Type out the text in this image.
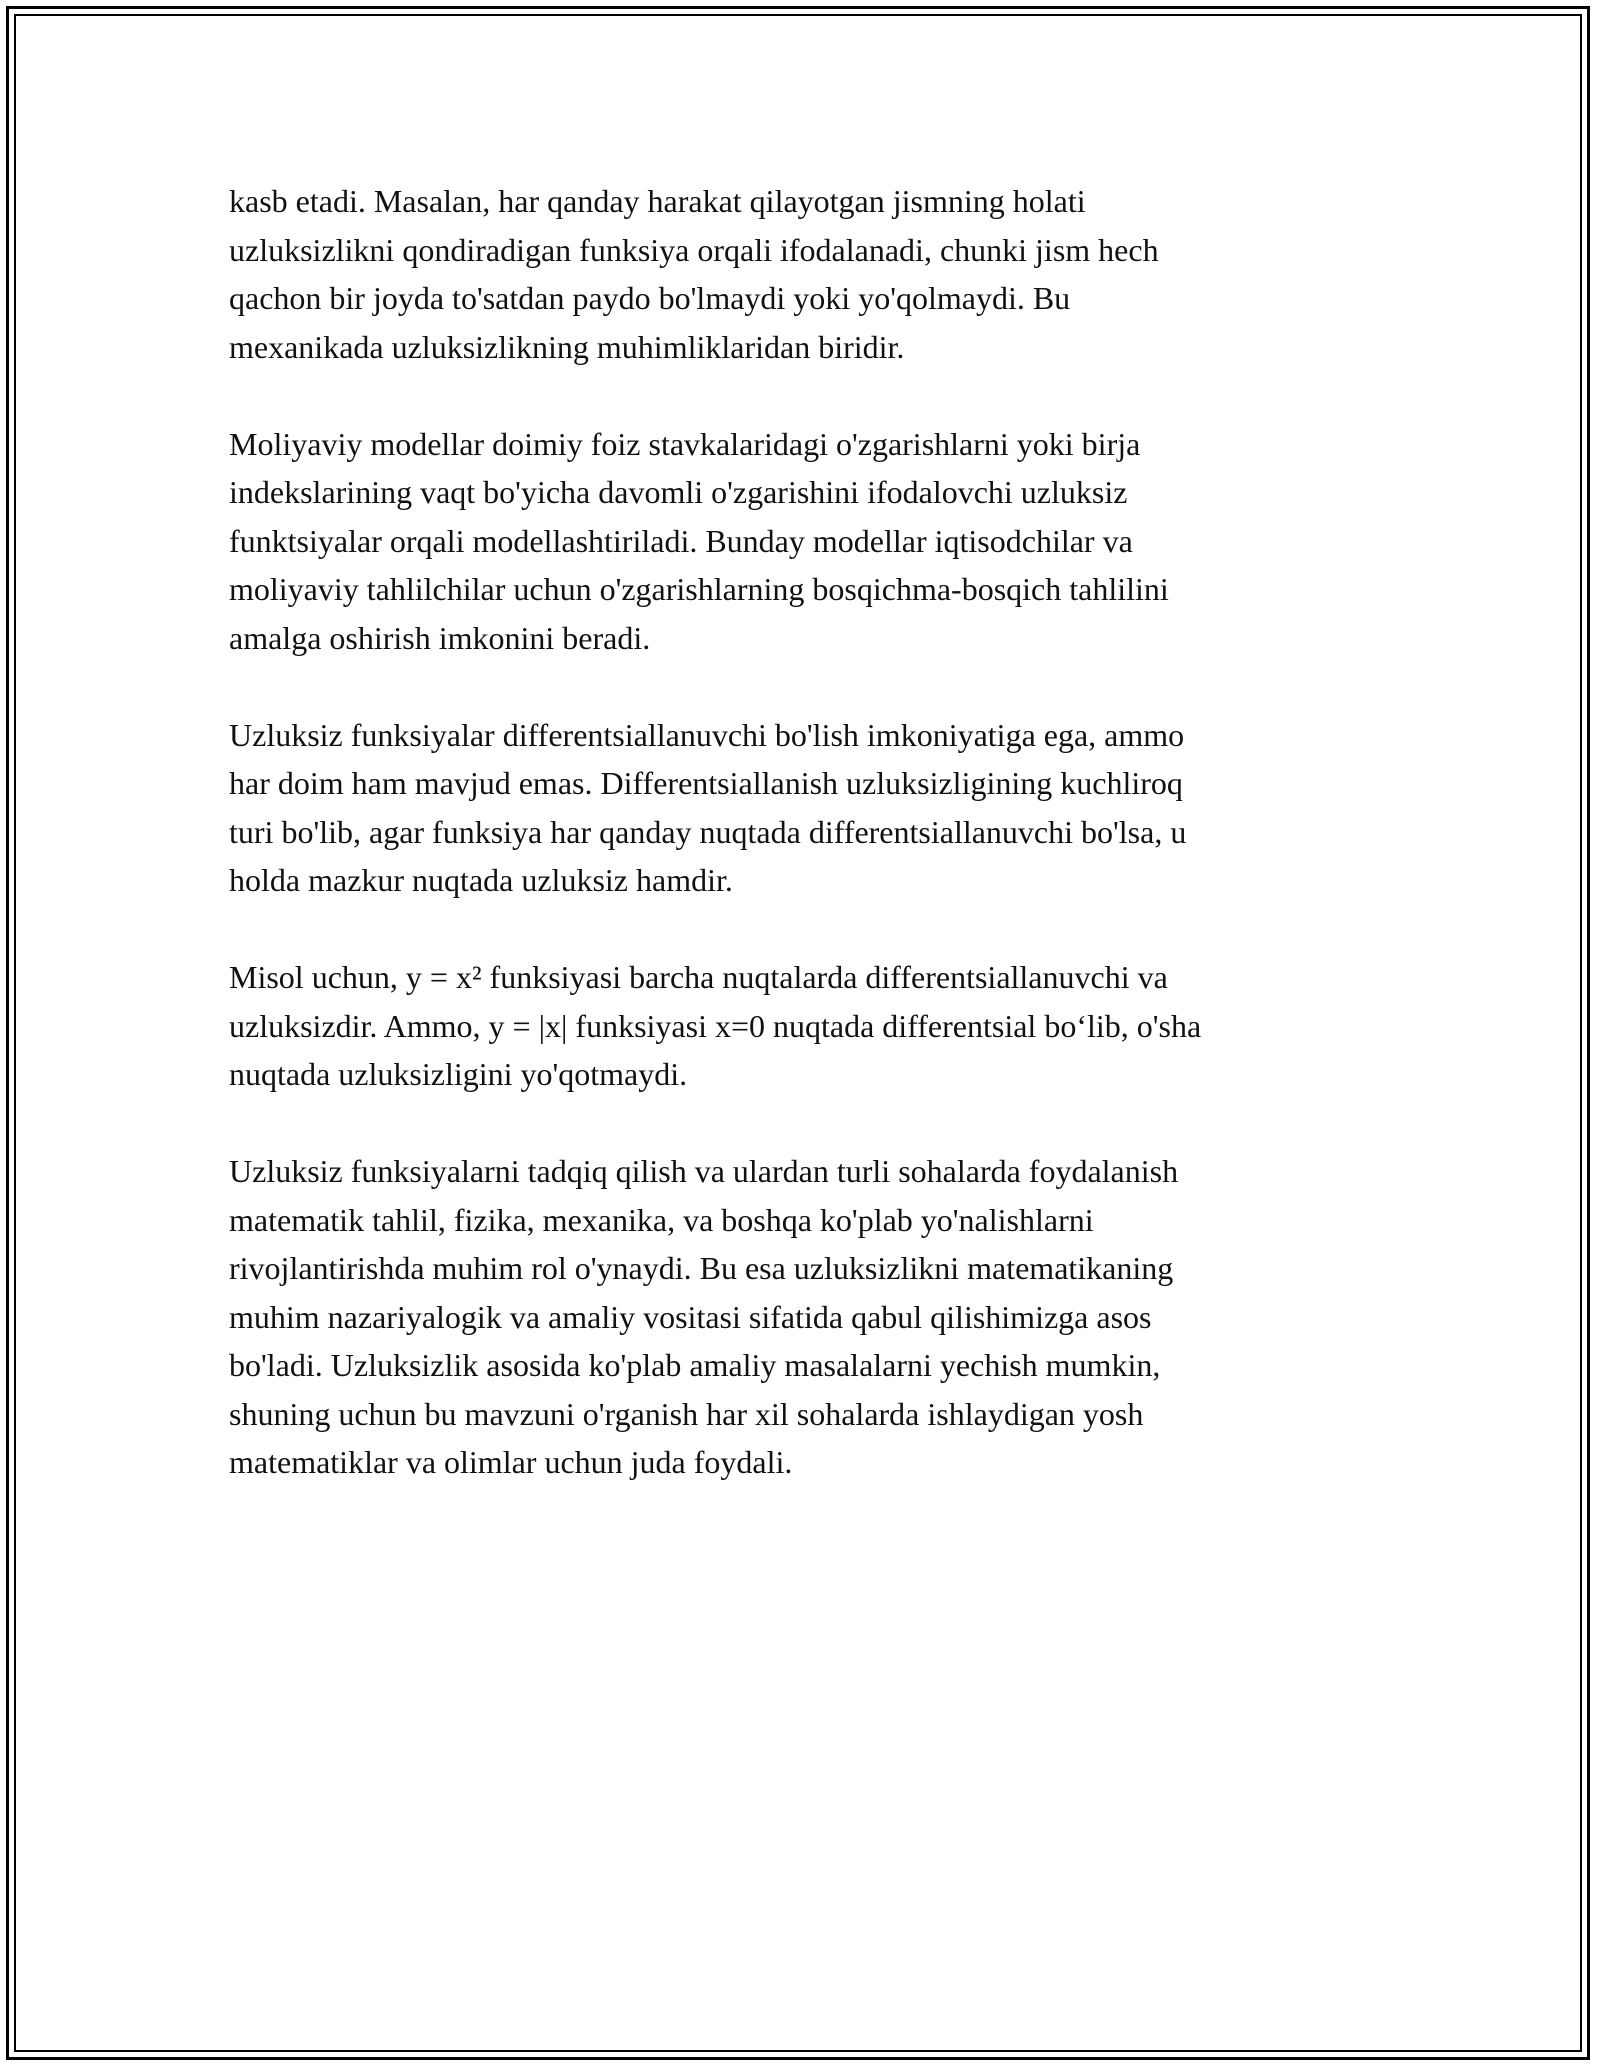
kasb etadi. Masalan, har qanday harakat qilayotgan jismning holati
uzluksizlikni qondiradigan funksiya orqali ifodalanadi, chunki jism hech
qachon bir joyda to'satdan paydo bo'lmaydi yoki yo'qolmaydi. Bu
mexanikada uzluksizlikning muhimliklaridan biridir.

Moliyaviy modellar doimiy foiz stavkalaridagi o'zgarishlarni yoki birja
indekslarining vaqt bo'yicha davomli o'zgarishini ifodalovchi uzluksiz
funktsiyalar orqali modellashtiriladi. Bunday modellar iqtisodchilar va
moliyaviy tahlilchilar uchun o'zgarishlarning bosqichma-bosqich tahlilini
amalga oshirish imkonini beradi.

Uzluksiz funksiyalar differentsiallanuvchi bo'lish imkoniyatiga ega, ammo
har doim ham mavjud emas. Differentsiallanish uzluksizligining kuchliroq
turi bo'lib, agar funksiya har qanday nuqtada differentsiallanuvchi bo'lsa, u
holda mazkur nuqtada uzluksiz hamdir.

Misol uchun, y = x² funksiyasi barcha nuqtalarda differentsiallanuvchi va
uzluksizdir. Ammo, y = |x| funksiyasi x=0 nuqtada differentsial bo‘lib, o'sha
nuqtada uzluksizligini yo'qotmaydi.

Uzluksiz funksiyalarni tadqiq qilish va ulardan turli sohalarda foydalanish
matematik tahlil, fizika, mexanika, va boshqa ko'plab yo'nalishlarni
rivojlantirishda muhim rol o'ynaydi. Bu esa uzluksizlikni matematikaning
muhim nazariyalogik va amaliy vositasi sifatida qabul qilishimizga asos
bo'ladi. Uzluksizlik asosida ko'plab amaliy masalalarni yechish mumkin,
shuning uchun bu mavzuni o'rganish har xil sohalarda ishlaydigan yosh
matematiklar va olimlar uchun juda foydali.
